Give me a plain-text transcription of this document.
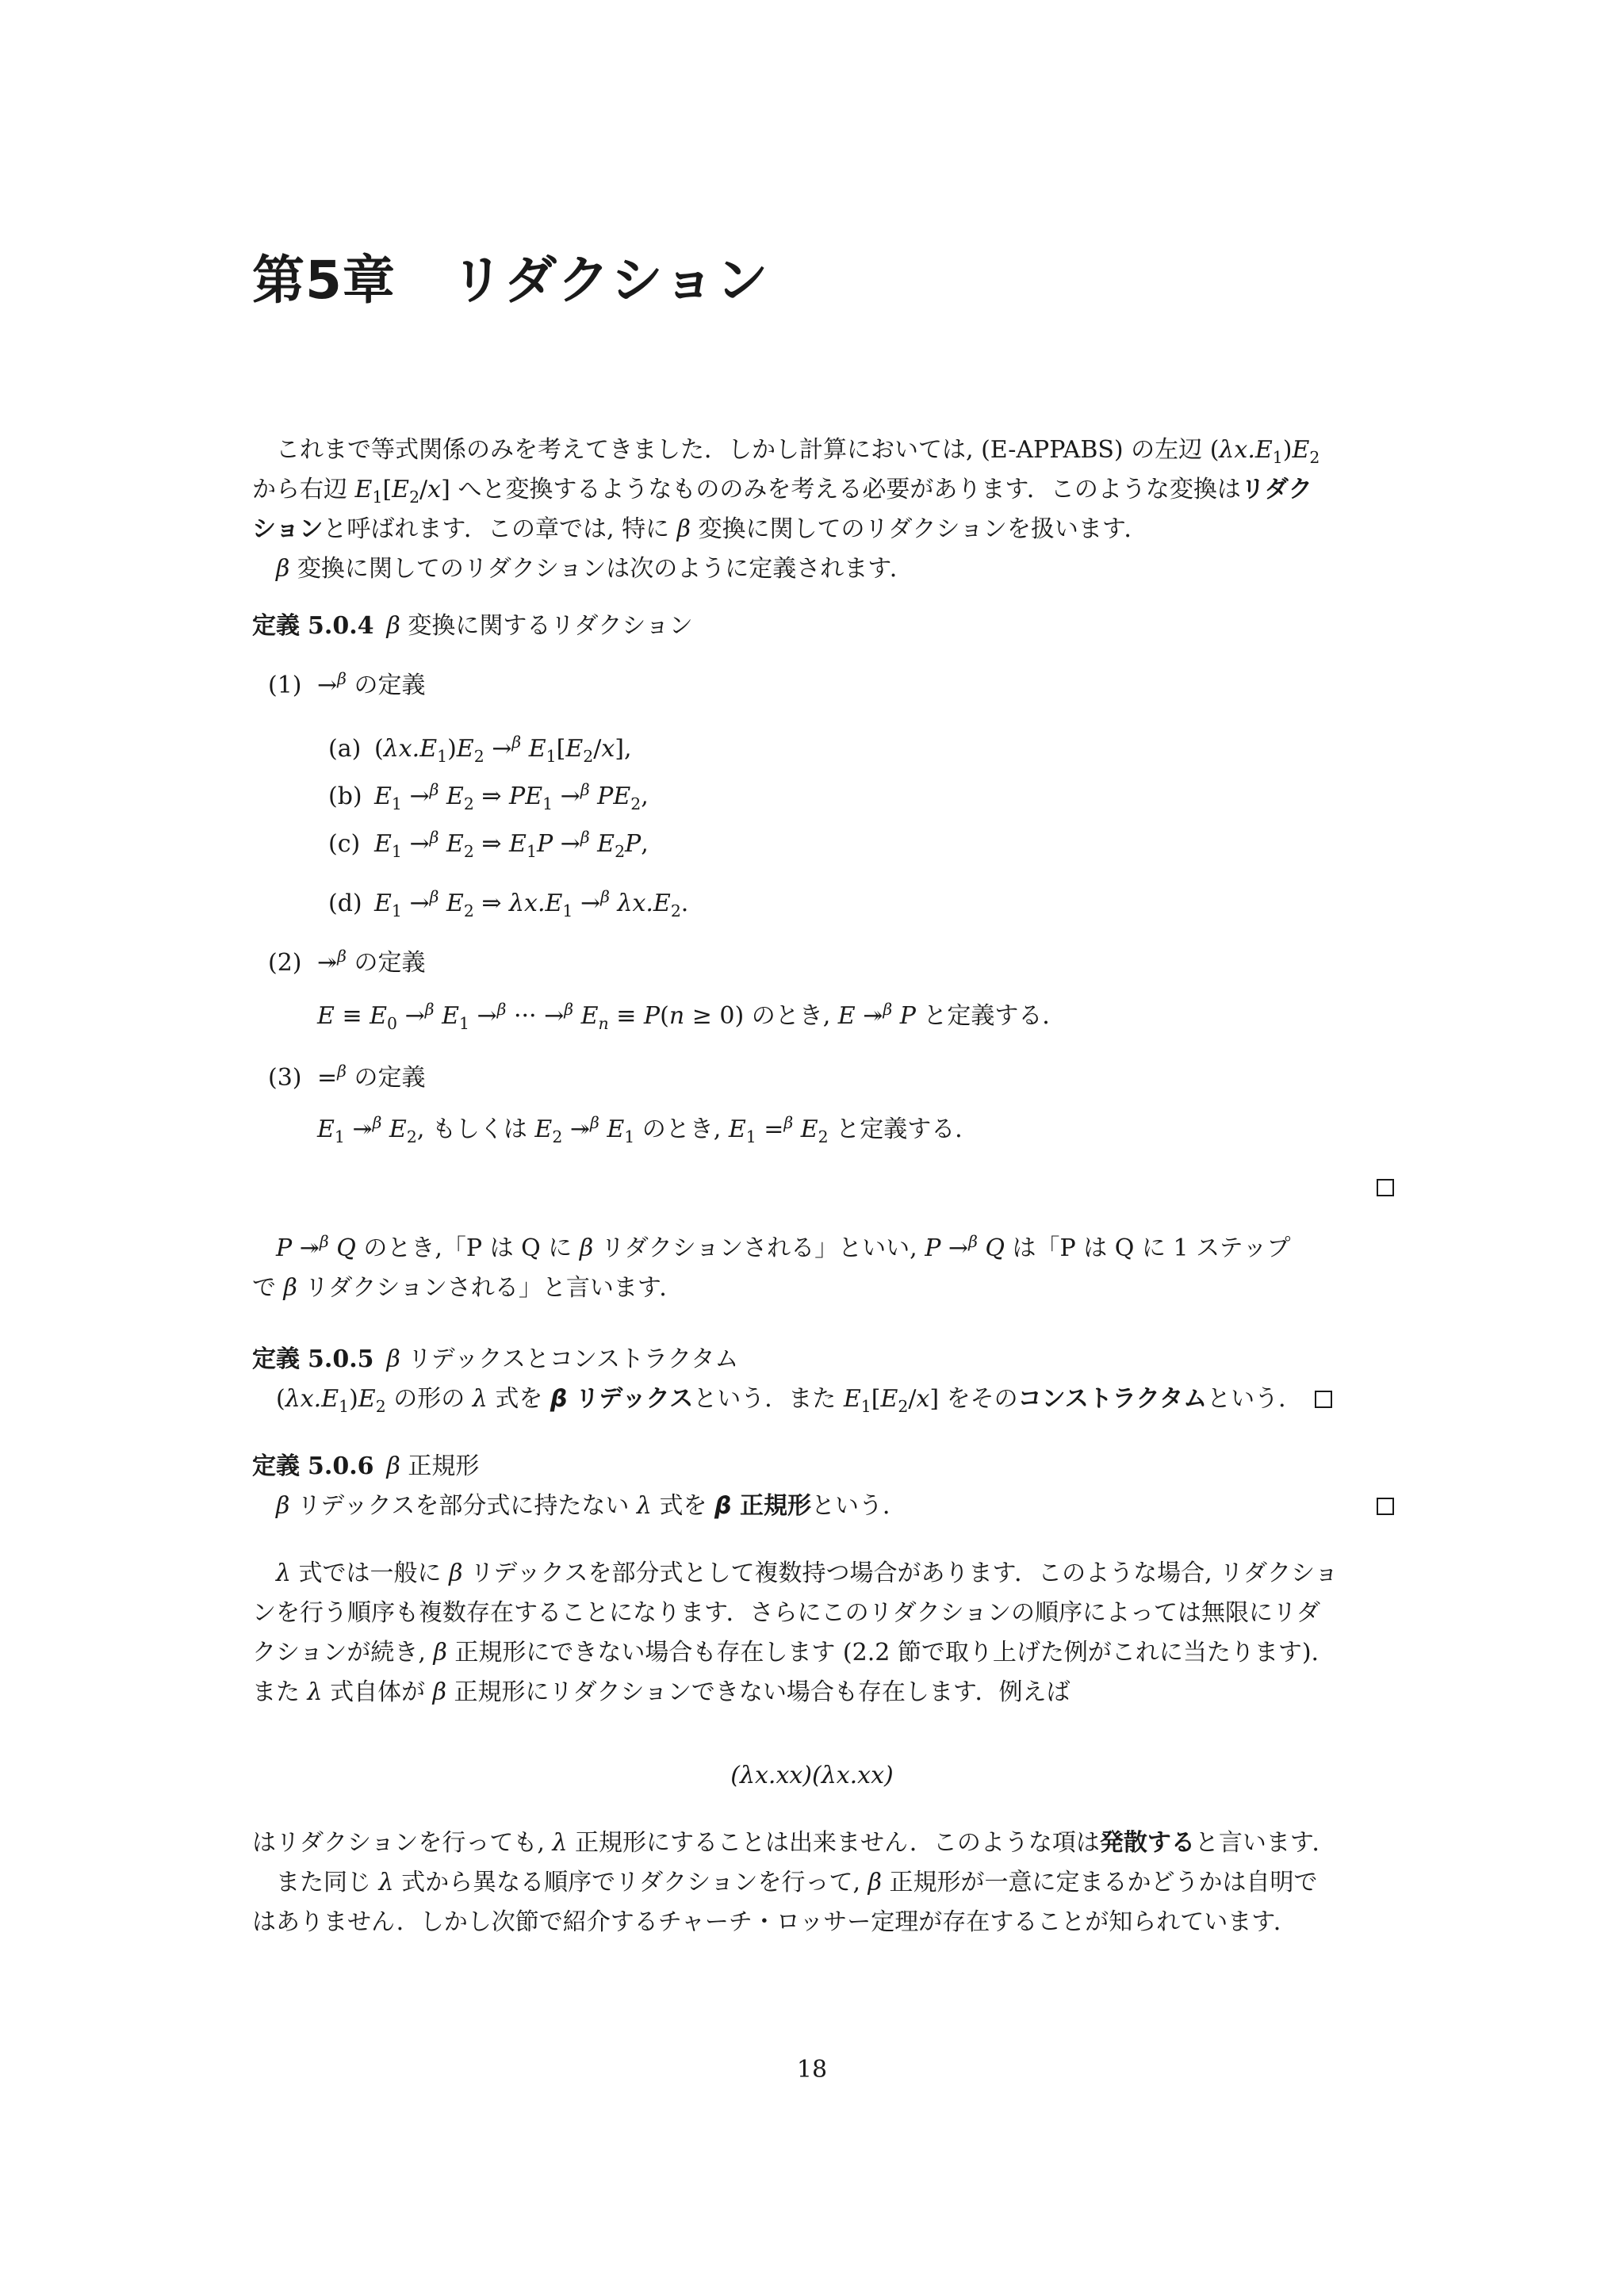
第5章 リダクション
これまで等式関係のみを考えてきました．しかし計算においては, (E-APPABS) の左辺 $(\lambda x.E_1)E_2$
から右辺 $E_1[E_2/x]$ へと変換するようなもののみを考える必要があります．このような変換はリダク
ションと呼ばれます．この章では, 特に β 変換に関してのリダクションを扱います．
β 変換に関してのリダクションは次のように定義されます．
定義 5.0.4 β 変換に関するリダクション
(1) →$^\beta$ の定義
(a) $(\lambda x.E_1)E_2 \to^\beta$ $E_1[E_2/x]$,
(b) $E_1 \to^\beta$ $E_2$ ⇒ $PE_1 \to^\beta$ $PE_2$,
(c) $E_1 \to^\beta$ $E_2$ ⇒ $E_1P \to^\beta$ $E_2P$,
(d) $E_1 \to^\beta$ $E_2$ ⇒ $\lambda x.E_1 \to^\beta$ $\lambda x.E_2$.
(2) ↠$^\beta$ の定義
$E \equiv E_0 \to^\beta$ $E_1 \to^\beta$ ··· →$^\beta$ $E_n \equiv P(n \ge 0)$ のとき, E ↠$^\beta$ P と定義する．
(3) =$^\beta$ の定義
$E_1$ ↠$^\beta$ $E_2$, もしくは $E_2$ ↠$^\beta$ $E_1$ のとき, $E_1 =^\beta$ $E_2$ と定義する．
P ↠$^\beta$ Q のとき,「P は Q に β リダクションされる」といい, P →$^\beta$ Q は「P は Q に 1 ステップ
で β リダクションされる」と言います．
定義 5.0.5 β リデックスとコンストラクタム
$(\lambda x.E_1)E_2$ の形の λ 式を β リデックスという．また $E_1[E_2/x]$ をそのコンストラクタムという．
定義 5.0.6 β 正規形
β リデックスを部分式に持たない λ 式を β 正規形という．
λ 式では一般に β リデックスを部分式として複数持つ場合があります．このような場合, リダクショ
ンを行う順序も複数存在することになります．さらにこのリダクションの順序によっては無限にリダ
クションが続き, β 正規形にできない場合も存在します (2.2 節で取り上げた例がこれに当たります).
また λ 式自体が β 正規形にリダクションできない場合も存在します．例えば
(λx.xx)(λx.xx)
はリダクションを行っても, λ 正規形にすることは出来ません．このような項は発散すると言います．
また同じ λ 式から異なる順序でリダクションを行って, β 正規形が一意に定まるかどうかは自明で
はありません．しかし次節で紹介するチャーチ・ロッサー定理が存在することが知られています．
18
